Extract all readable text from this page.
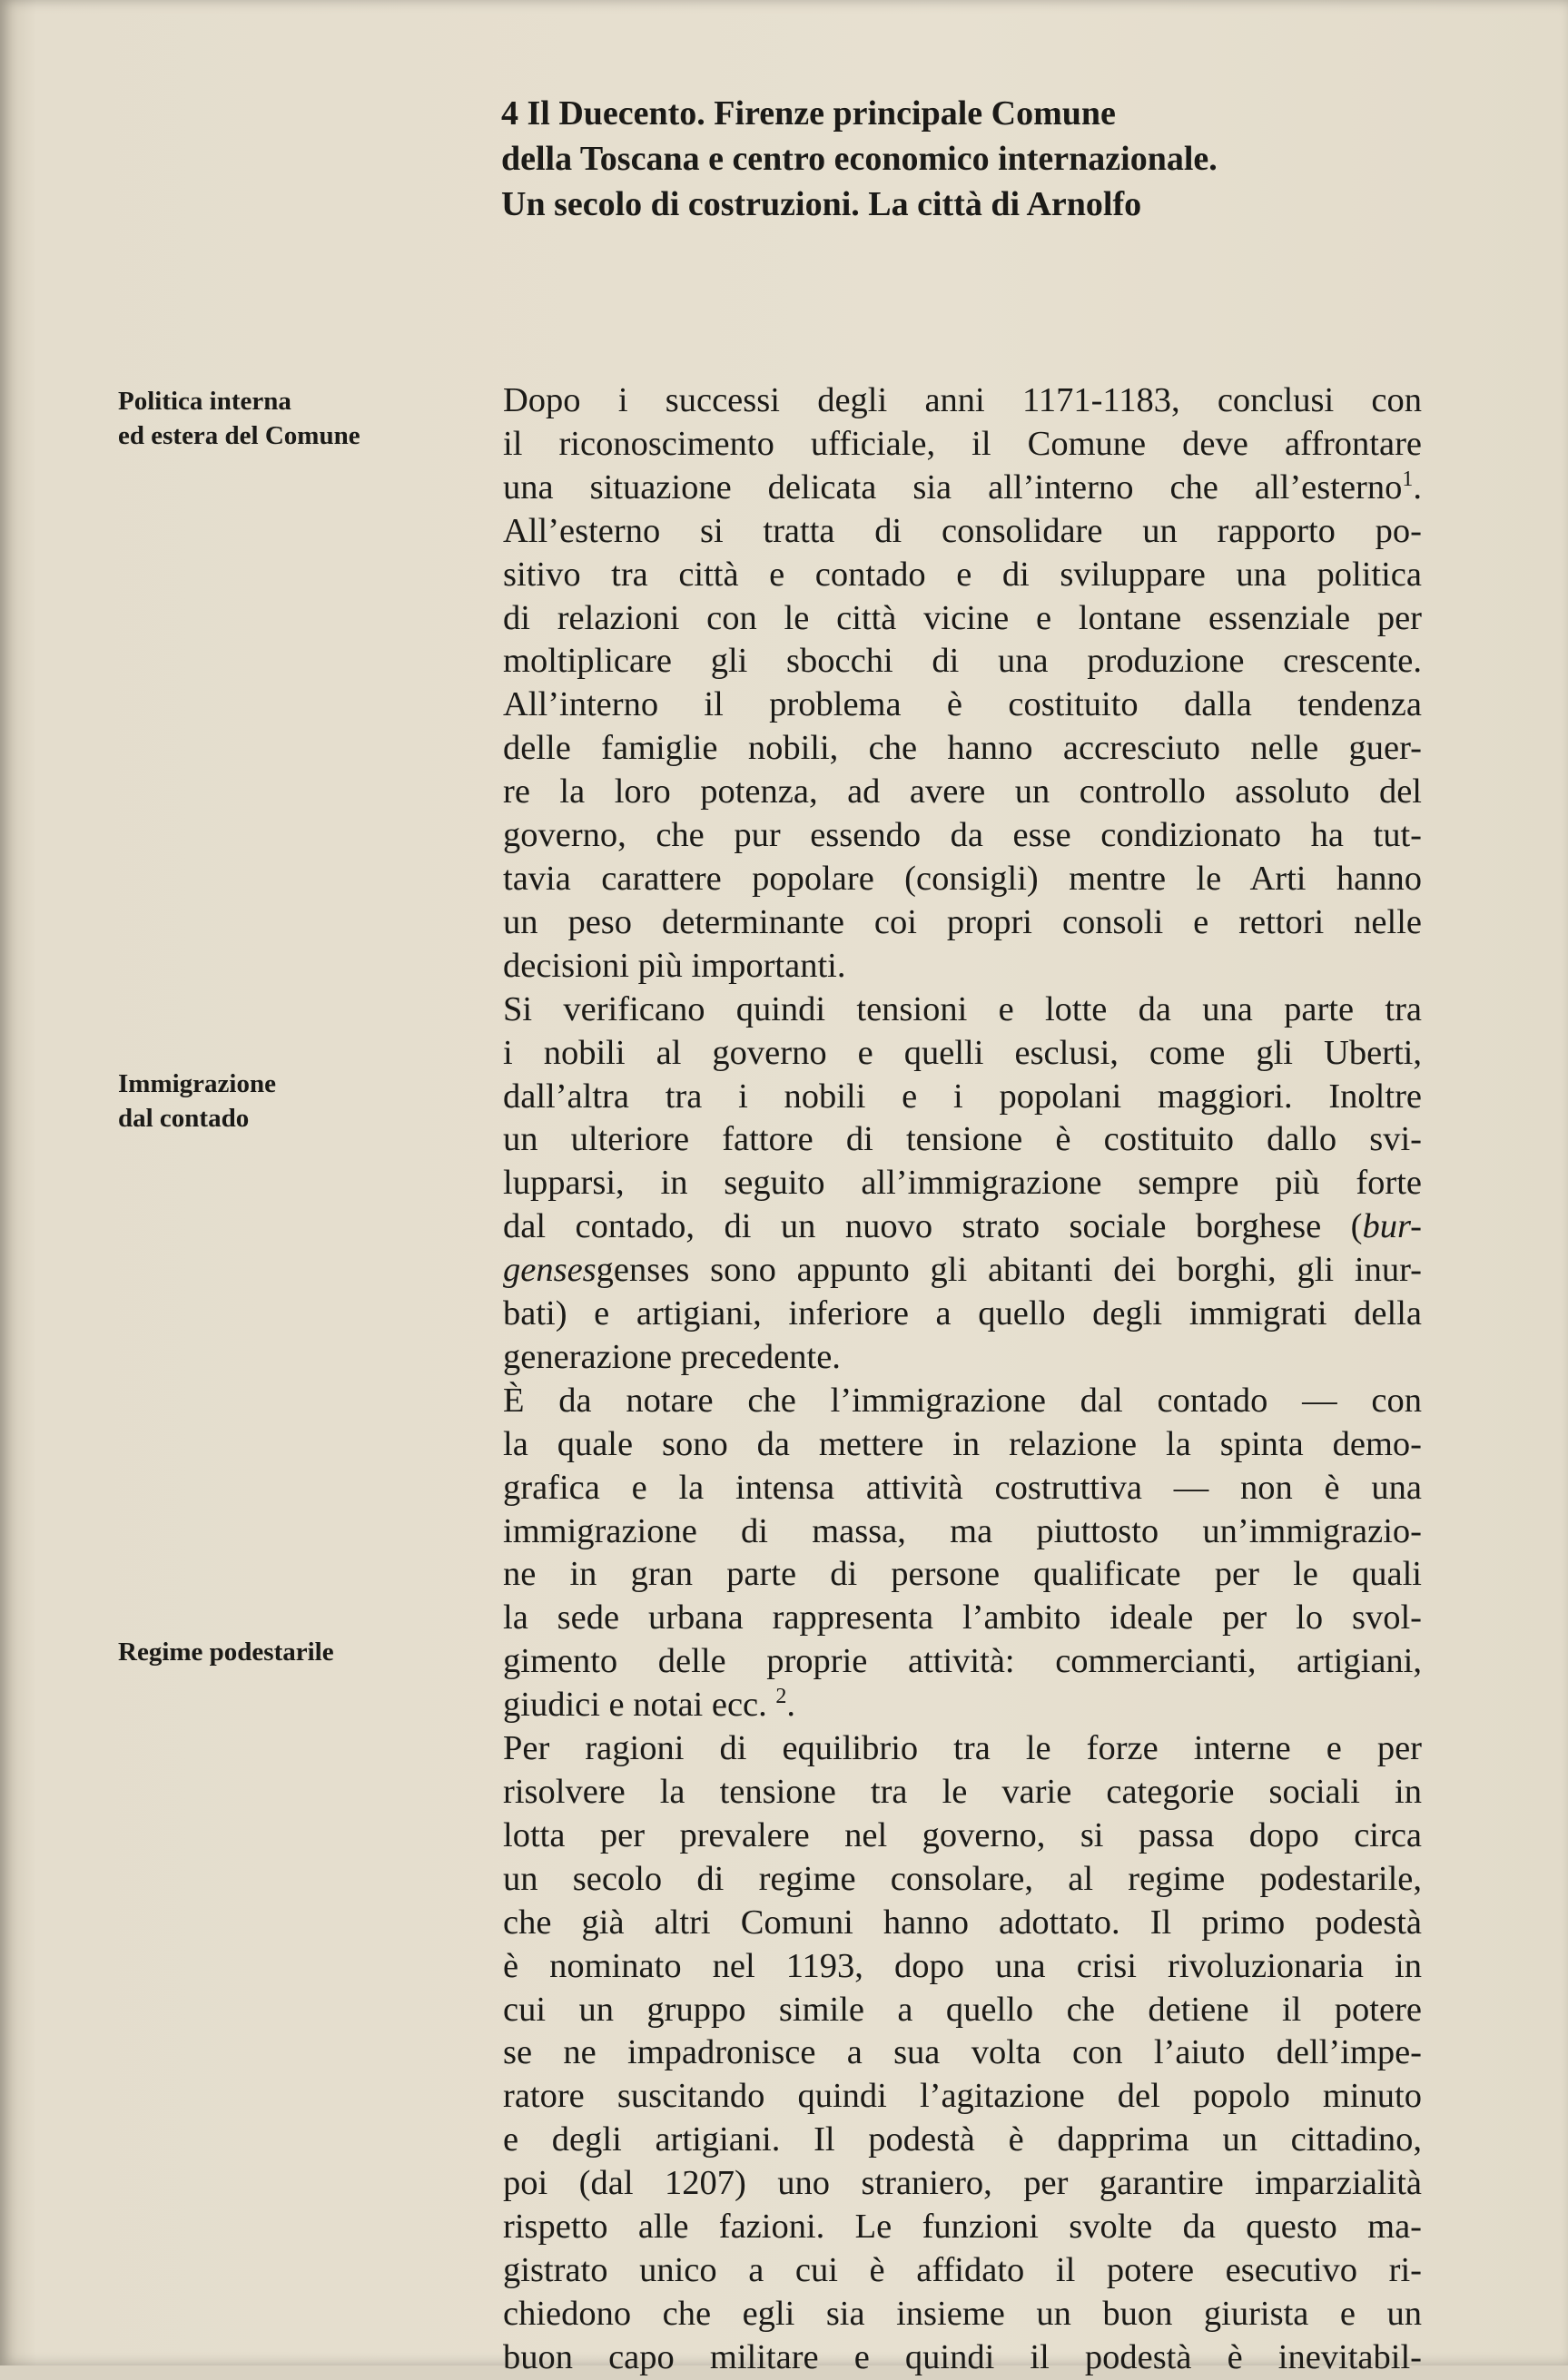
4 Il Duecento. Firenze principale Comune
della Toscana e centro economico internazionale.
Un secolo di costruzioni. La città di Arnolfo
Politica interna
ed estera del Comune
Immigrazione
dal contado
Regime podestarile
Dopo i successi degli anni 1171-1183, conclusi con
il riconoscimento ufficiale, il Comune deve affrontare
una situazione delicata sia all’interno che all’esterno$^1$.
All’esterno si tratta di consolidare un rapporto po-
sitivo tra città e contado e di sviluppare una politica
di relazioni con le città vicine e lontane essenziale per
moltiplicare gli sbocchi di una produzione crescente.
All’interno il problema è costituito dalla tendenza
delle famiglie nobili, che hanno accresciuto nelle guer-
re la loro potenza, ad avere un controllo assoluto del
governo, che pur essendo da esse condizionato ha tut-
tavia carattere popolare (consigli) mentre le Arti hanno
un peso determinante coi propri consoli e rettori nelle
decisioni più importanti.
Si verificano quindi tensioni e lotte da una parte tra
i nobili al governo e quelli esclusi, come gli Uberti,
dall’altra tra i nobili e i popolani maggiori. Inoltre
un ulteriore fattore di tensione è costituito dallo svi-
lupparsi, in seguito all’immigrazione sempre più forte
dal contado, di un nuovo strato sociale borghese (bur-
gensesgenses sono appunto gli abitanti dei borghi, gli inur-
bati) e artigiani, inferiore a quello degli immigrati della
generazione precedente.
È da notare che l’immigrazione dal contado — con
la quale sono da mettere in relazione la spinta demo-
grafica e la intensa attività costruttiva — non è una
immigrazione di massa, ma piuttosto un’immigrazio-
ne in gran parte di persone qualificate per le quali
la sede urbana rappresenta l’ambito ideale per lo svol-
gimento delle proprie attività: commercianti, artigiani,
giudici e notai ecc. $^2$.
Per ragioni di equilibrio tra le forze interne e per
risolvere la tensione tra le varie categorie sociali in
lotta per prevalere nel governo, si passa dopo circa
un secolo di regime consolare, al regime podestarile,
che già altri Comuni hanno adottato. Il primo podestà
è nominato nel 1193, dopo una crisi rivoluzionaria in
cui un gruppo simile a quello che detiene il potere
se ne impadronisce a sua volta con l’aiuto dell’impe-
ratore suscitando quindi l’agitazione del popolo minuto
e degli artigiani. Il podestà è dapprima un cittadino,
poi (dal 1207) uno straniero, per garantire imparzialità
rispetto alle fazioni. Le funzioni svolte da questo ma-
gistrato unico a cui è affidato il potere esecutivo ri-
chiedono che egli sia insieme un buon giurista e un
buon capo militare e quindi il podestà è inevitabil-
